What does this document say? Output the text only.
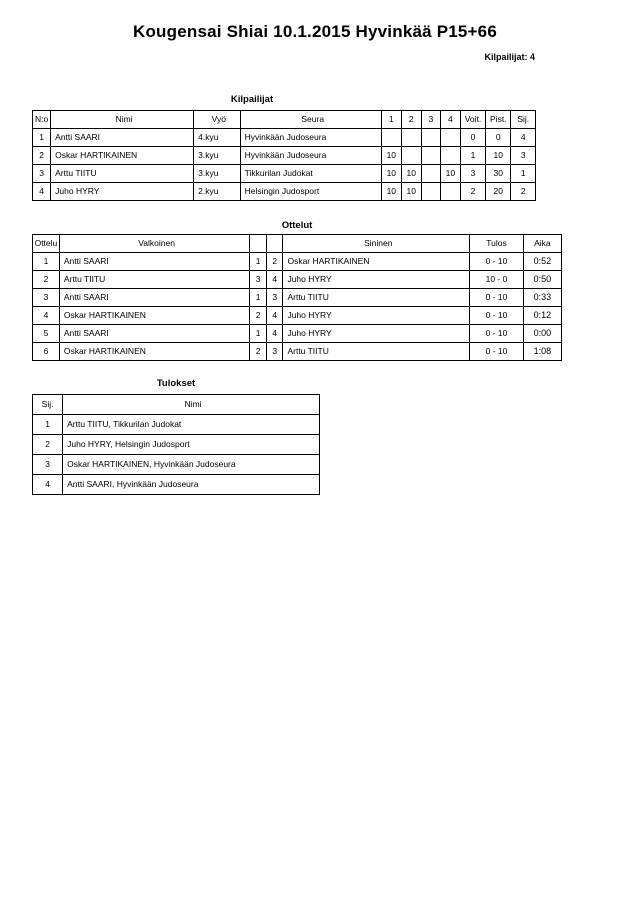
Kougensai Shiai 10.1.2015 Hyvinkää P15+66
Kilpailijat: 4
Kilpailijat
N:o	Nimi	Vyö	Seura	1	2	3	4	Voit.	Pist.	Sij.
1	Antti SAARI	4.kyu	Hyvinkään Judoseura					0	0	4
2	Oskar HARTIKAINEN	3.kyu	Hyvinkään Judoseura	10				1	10	3
3	Arttu TIITU	3.kyu	Tikkurilan Judokat	10	10		10	3	30	1
4	Juho HYRY	2.kyu	Helsingin Judosport	10	10			2	20	2
Ottelut
Ottelu	Valkoinen			Sininen	Tulos	Aika
1	Antti SAARI	1	2	Oskar HARTIKAINEN	0 - 10	0:52
2	Arttu TIITU	3	4	Juho HYRY	10 - 0	0:50
3	Antti SAARI	1	3	Arttu TIITU	0 - 10	0:33
4	Oskar HARTIKAINEN	2	4	Juho HYRY	0 - 10	0:12
5	Antti SAARI	1	4	Juho HYRY	0 - 10	0:00
6	Oskar HARTIKAINEN	2	3	Arttu TIITU	0 - 10	1:08
Tulokset
Sij.	Nimi
1	Arttu TIITU, Tikkurilan Judokat
2	Juho HYRY, Helsingin Judosport
3	Oskar HARTIKAINEN, Hyvinkään Judoseura
4	Antti SAARI, Hyvinkään Judoseura
